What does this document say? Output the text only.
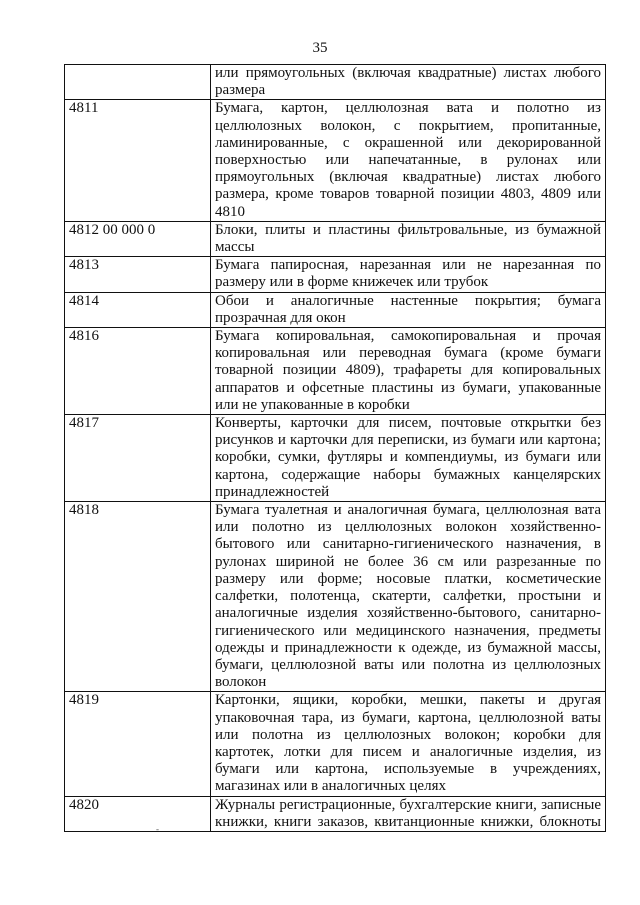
35
	или прямоугольных (включая квадратные) листах любого размера
4811	Бумага, картон, целлюлозная вата и полотно из целлюлозных волокон, с покрытием, пропитанные, ламинированные, с окрашенной или декорированной поверхностью или напечатанные, в рулонах или прямоугольных (включая квадратные) листах любого размера, кроме товаров товарной позиции 4803, 4809 или 4810
4812 00 000 0	Блоки, плиты и пластины фильтровальные, из бумажной массы
4813	Бумага папиросная, нарезанная или не нарезанная по размеру или в форме книжечек или трубок
4814	Обои и аналогичные настенные покрытия; бумага прозрачная для окон
4816	Бумага копировальная, самокопировальная и прочая копировальная или переводная бумага (кроме бумаги товарной позиции 4809), трафареты для копировальных аппаратов и офсетные пластины из бумаги, упакованные или не упакованные в коробки
4817	Конверты, карточки для писем, почтовые открытки без рисунков и карточки для переписки, из бумаги или картона; коробки, сумки, футляры и компендиумы, из бумаги или картона, содержащие наборы бумажных канцелярских принадлежностей
4818	Бумага туалетная и аналогичная бумага, целлюлозная вата или полотно из целлюлозных волокон хозяйственно-бытового или санитарно-гигиенического назначения, в рулонах шириной не более 36 см или разрезанные по размеру или форме; носовые платки, косметические салфетки, полотенца, скатерти, салфетки, простыни и аналогичные изделия хозяйственно-бытового, санитарно-гигиенического или медицинского назначения, предметы одежды и принадлежности к одежде, из бумажной массы, бумаги, целлюлозной ваты или полотна из целлюлозных волокон
4819	Картонки, ящики, коробки, мешки, пакеты и другая упаковочная тара, из бумаги, картона, целлюлозной ваты или полотна из целлюлозных волокон; коробки для картотек, лотки для писем и аналогичные изделия, из бумаги или картона, используемые в учреждениях, магазинах или в аналогичных целях
4820	Журналы регистрационные, бухгалтерские книги, записные книжки, книги заказов, квитанционные книжки, блокноты
-
